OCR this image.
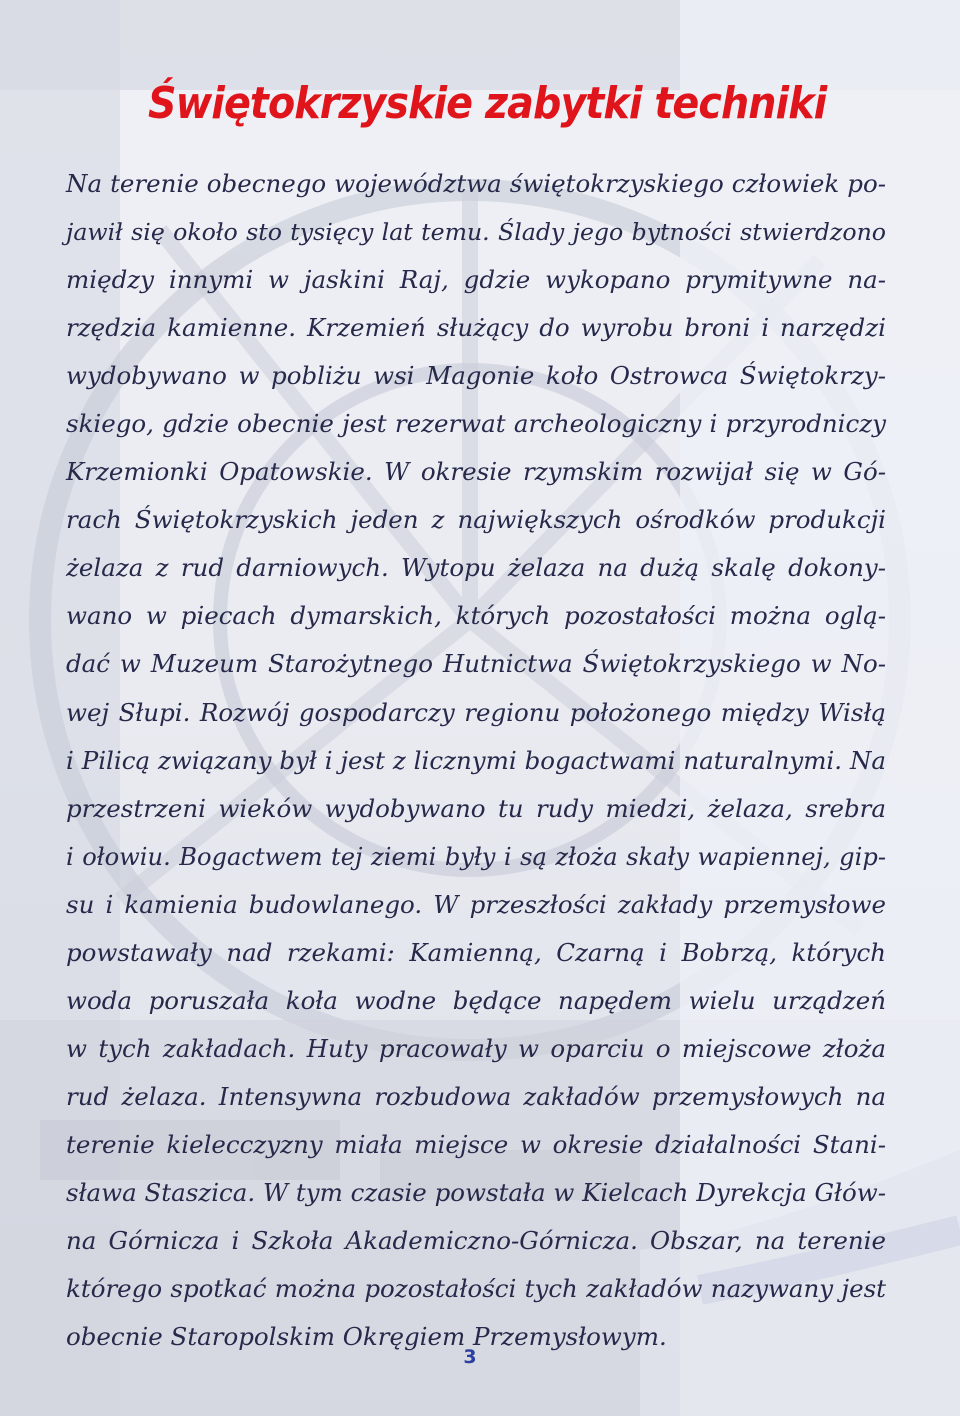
Świętokrzyskie zabytki techniki
Na terenie obecnego województwa świętokrzyskiego człowiek po-
jawił się około sto tysięcy lat temu. Ślady jego bytności stwierdzono
między innymi w jaskini Raj, gdzie wykopano prymitywne na-
rzędzia kamienne. Krzemień służący do wyrobu broni i narzędzi
wydobywano w pobliżu wsi Magonie koło Ostrowca Świętokrzy-
skiego, gdzie obecnie jest rezerwat archeologiczny i przyrodniczy
Krzemionki Opatowskie. W okresie rzymskim rozwijał się w Gó-
rach Świętokrzyskich jeden z największych ośrodków produkcji
żelaza z rud darniowych. Wytopu żelaza na dużą skalę dokony-
wano w piecach dymarskich, których pozostałości można oglą-
dać w Muzeum Starożytnego Hutnictwa Świętokrzyskiego w No-
wej Słupi. Rozwój gospodarczy regionu położonego między Wisłą
i Pilicą związany był i jest z licznymi bogactwami naturalnymi. Na
przestrzeni wieków wydobywano tu rudy miedzi, żelaza, srebra
i ołowiu. Bogactwem tej ziemi były i są złoża skały wapiennej, gip-
su i kamienia budowlanego. W przeszłości zakłady przemysłowe
powstawały nad rzekami: Kamienną, Czarną i Bobrzą, których
woda poruszała koła wodne będące napędem wielu urządzeń
w tych zakładach. Huty pracowały w oparciu o miejscowe złoża
rud żelaza. Intensywna rozbudowa zakładów przemysłowych na
terenie kielecczyzny miała miejsce w okresie działalności Stani-
sława Staszica. W tym czasie powstała w Kielcach Dyrekcja Głów-
na Górnicza i Szkoła Akademiczno-Górnicza. Obszar, na terenie
którego spotkać można pozostałości tych zakładów nazywany jest
obecnie Staropolskim Okręgiem Przemysłowym.
3
